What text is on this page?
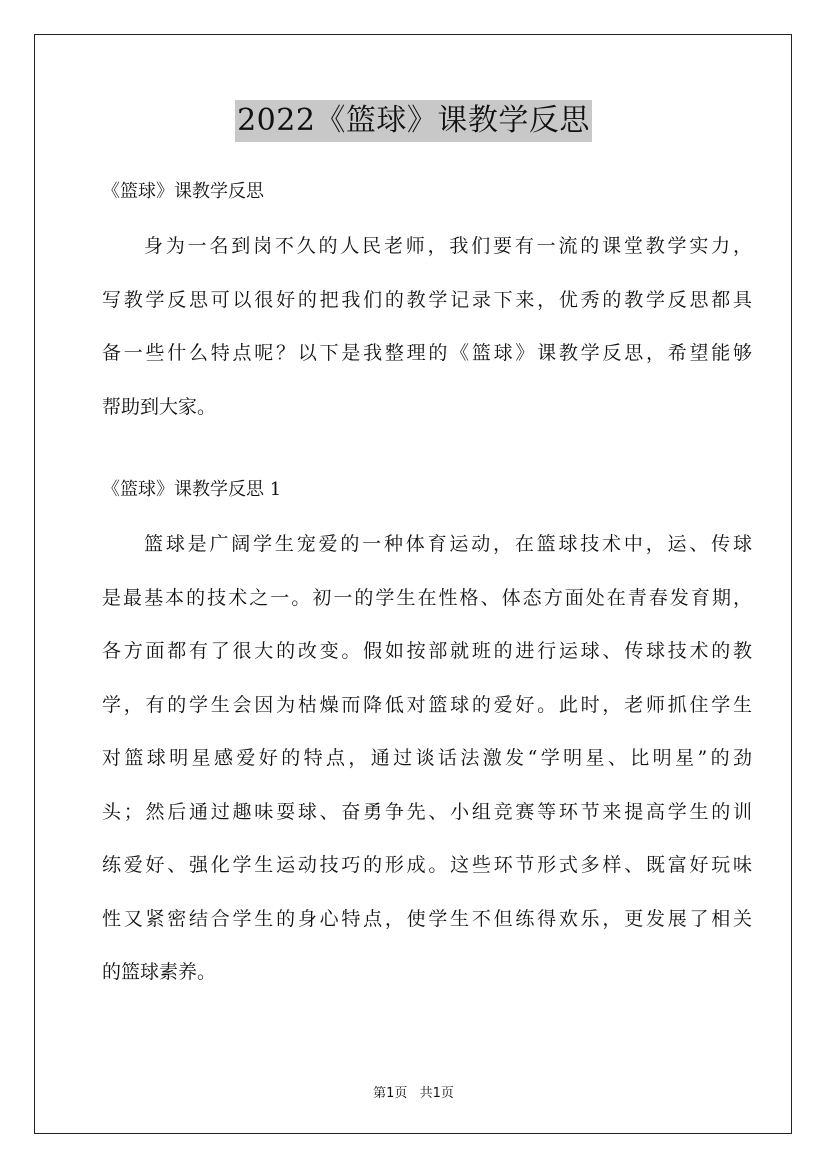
2022《篮球》课教学反思
《篮球》课教学反思
身为一名到岗不久的人民老师，我们要有一流的课堂教学实力，
写教学反思可以很好的把我们的教学记录下来，优秀的教学反思都具
备一些什么特点呢？以下是我整理的《篮球》课教学反思，希望能够
帮助到大家。
《篮球》课教学反思 1
篮球是广阔学生宠爱的一种体育运动，在篮球技术中，运、传球
是最基本的技术之一。初一的学生在性格、体态方面处在青春发育期，
各方面都有了很大的改变。假如按部就班的进行运球、传球技术的教
学，有的学生会因为枯燥而降低对篮球的爱好。此时，老师抓住学生
对篮球明星感爱好的特点，通过谈话法激发“学明星、比明星”的劲
头；然后通过趣味耍球、奋勇争先、小组竞赛等环节来提高学生的训
练爱好、强化学生运动技巧的形成。这些环节形式多样、既富好玩味
性又紧密结合学生的身心特点，使学生不但练得欢乐，更发展了相关
的篮球素养。
第1页 共1页
